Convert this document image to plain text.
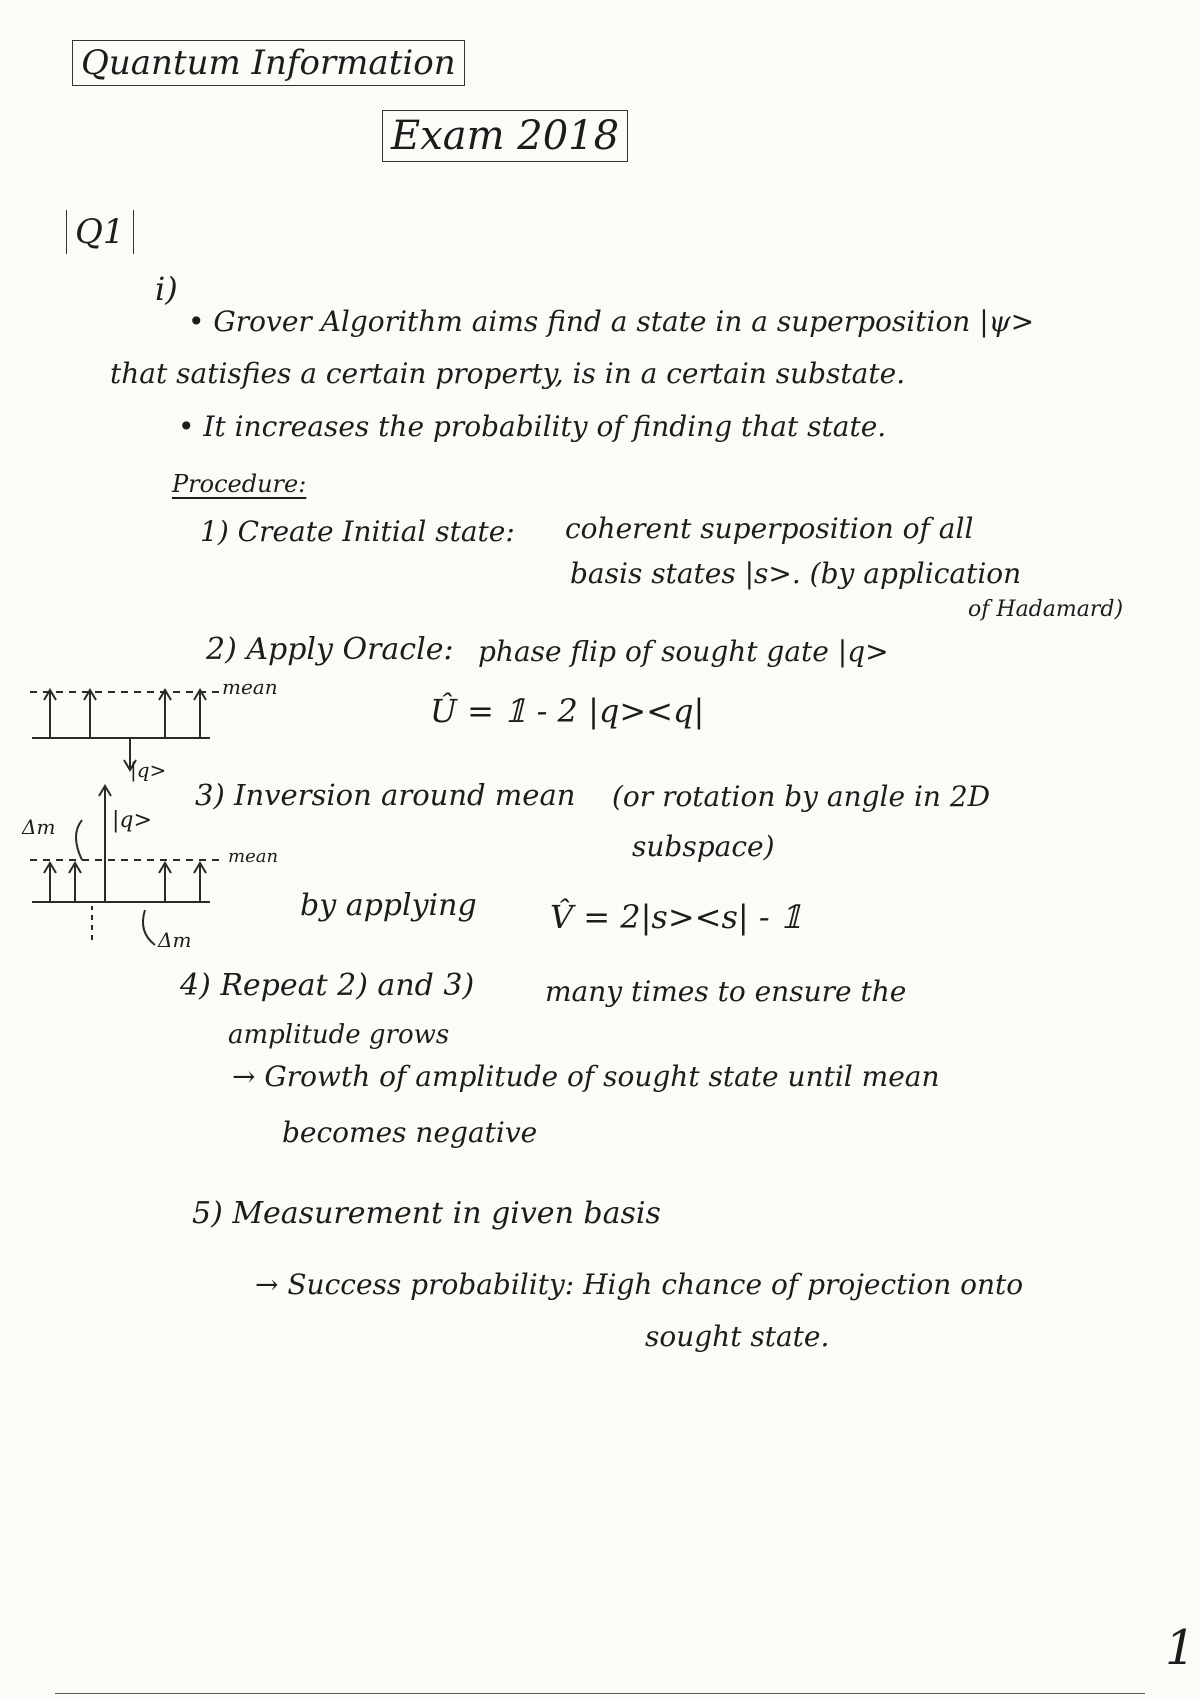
Quantum Information
Exam 2018
Q1
i)
• Grover Algorithm aims find a state in a superposition |ψ>
that satisfies a certain property, is in a certain substate.
• It increases the probability of finding that state.
Procedure:
1) Create Initial state: coherent superposition of all
basis states |s>. (by application
of Hadamard)
2) Apply Oracle: phase flip of sought gate |q>
Û = 𝟙 - 2 |q><q|
3) Inversion around mean (or rotation by angle in 2D
subspace)
by applying V̂ = 2|s><s| - 𝟙
4) Repeat 2) and 3)	many times to ensure the
amplitude grows
→ Growth of amplitude of sought state until mean
becomes negative
5) Measurement in given basis
→ Success probability: High chance of projection onto
sought state.
mean
|q>
|q>
Δm
mean
Δm
1
